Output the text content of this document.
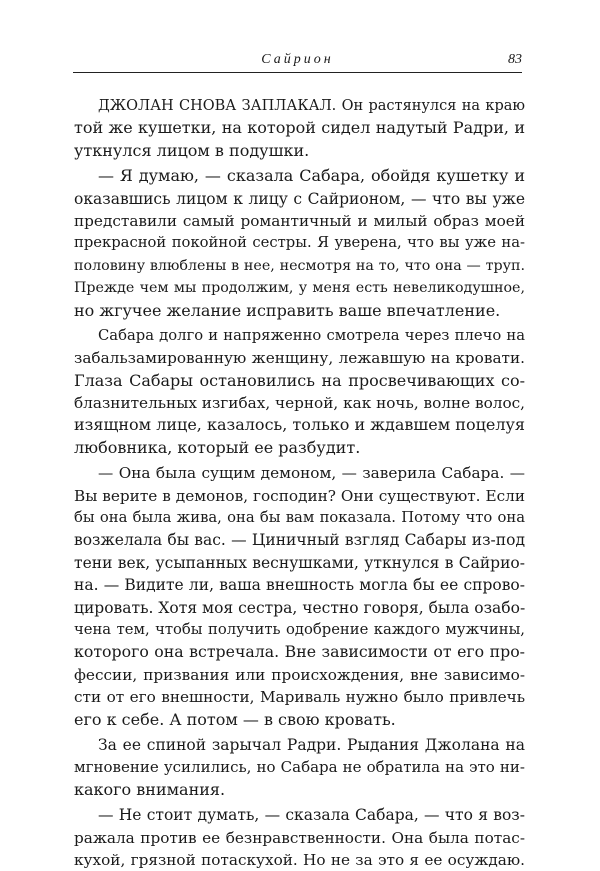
Сайрион	83
ДЖОЛАН СНОВА ЗАПЛАКАЛ. Он растянулся на краю
той же кушетки, на которой сидел надутый Радри, и
уткнулся лицом в подушки.
— Я думаю, — сказала Сабара, обойдя кушетку и
оказавшись лицом к лицу с Сайрионом, — что вы уже
представили самый романтичный и милый образ моей
прекрасной покойной сестры. Я уверена, что вы уже на-
половину влюблены в нее, несмотря на то, что она — труп.
Прежде чем мы продолжим, у меня есть невеликодушное,
но жгучее желание исправить ваше впечатление.
Сабара долго и напряженно смотрела через плечо на
забальзамированную женщину, лежавшую на кровати.
Глаза Сабары остановились на просвечивающих со-
блазнительных изгибах, черной, как ночь, волне волос,
изящном лице, казалось, только и ждавшем поцелуя
любовника, который ее разбудит.
— Она была сущим демоном, — заверила Сабара. —
Вы верите в демонов, господин? Они существуют. Если
бы она была жива, она бы вам показала. Потому что она
возжелала бы вас. — Циничный взгляд Сабары из-под
тени век, усыпанных веснушками, уткнулся в Сайрио-
на. — Видите ли, ваша внешность могла бы ее спрово-
цировать. Хотя моя сестра, честно говоря, была озабо-
чена тем, чтобы получить одобрение каждого мужчины,
которого она встречала. Вне зависимости от его про-
фессии, призвания или происхождения, вне зависимо-
сти от его внешности, Маривaль нужно было привлечь
его к себе. А потом — в свою кровать.
За ее спиной зарычал Радри. Рыдания Джолана на
мгновение усилились, но Сабара не обратила на это ни-
какого внимания.
— Не стоит думать, — сказала Сабара, — что я воз-
ражала против ее безнравственности. Она была потас-
кухой, грязной потаскухой. Но не за это я ее осуждаю.
